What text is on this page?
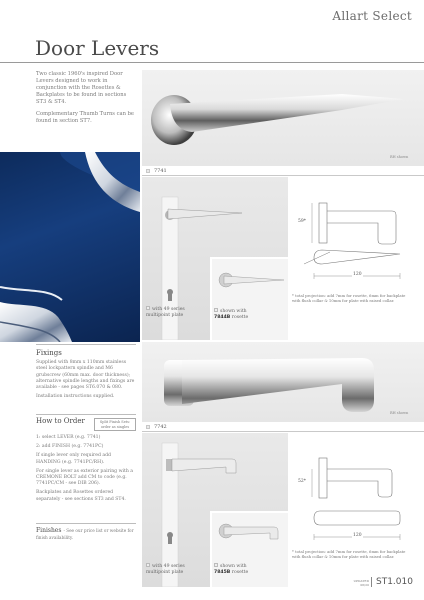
Allart Select
Door Levers

Two classic 1960's inspired Door Levers designed to work in conjunction with the Rosettes & Backplates to be found in sections ST3 & ST4.

Complementary Thumb Turns can be found in section ST7.

RH shown
7741
with 49 series multipoint plate
shown with
7844B rosette
59*
120
* total projection: add 7mm for rosette, 6mm for backplate with flush collar & 10mm for plate with raised collar.
Fixings

Supplied with 8mm x 110mm stainless steel lockpattern spindle and M6 grubscrew (60mm max. door thickness); alternative spindle lengths and fixings are available - see pages ST6.070 & 080.

Installation instructions supplied.

How to Order	Split Finish Sets: order as singles

1: select LEVER (e.g. 7741)

2: add FINISH (e.g. 7741PC)

If single lever only required add HANDING (e.g. 7741PC/RH).

For single lever as exterior pairing with a CREMONE BOLT add CM to code (e.g. 7741PC/CM - see DIB 206).

Backplates and Rosettes ordered separately - see sections ST3 and ST4.

Finishes - See our price list or website for finish availability.
RH shown
7742
with 49 series multipoint plate
shown with
7845B rosette
52*
120
* total projection: add 7mm for rosette, 6mm for backplate with flush collar & 10mm for plate with raised collar.
UPDATED
06/20 ST1.010
